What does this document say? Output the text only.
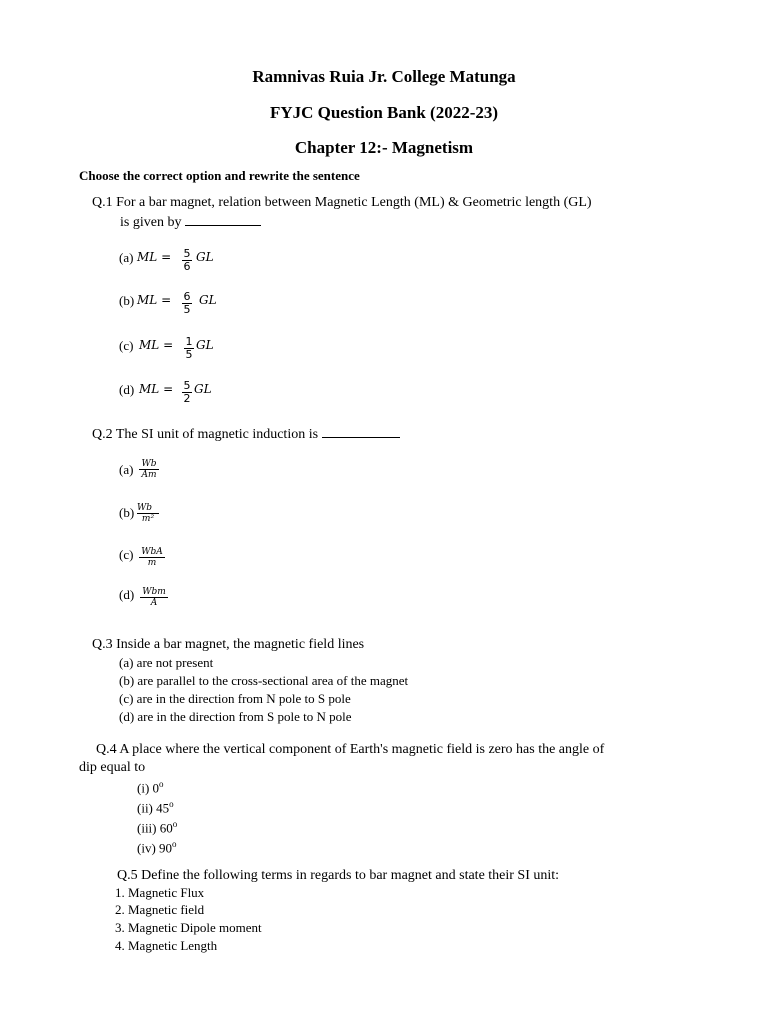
Ramnivas Ruia Jr. College Matunga
FYJC Question Bank (2022-23)
Chapter 12:- Magnetism
Choose the correct option and rewrite the sentence
Q.1 For a bar magnet, relation between Magnetic Length (ML) & Geometric length (GL)
is given by
(a) ML = 5
6
GL
(b) ML = 6
5
GL
(c) ML = 1
5
GL
(d) ML = 5
2
GL
Q.2 The SI unit of magnetic induction is
(a) Wb
Am
(b) Wb
m²
(c) WbA
m
(d) Wbm
A
Q.3 Inside a bar magnet, the magnetic field lines
(a) are not present
(b) are parallel to the cross-sectional area of the magnet
(c) are in the direction from N pole to S pole
(d) are in the direction from S pole to N pole
Q.4 A place where the vertical component of Earth's magnetic field is zero has the angle of
dip equal to
(i) 0$^o$
(ii) 45$^o$
(iii) 60$^o$
(iv) 90$^o$
Q.5 Define the following terms in regards to bar magnet and state their SI unit:
1. Magnetic Flux
2. Magnetic field
3. Magnetic Dipole moment
4. Magnetic Length
